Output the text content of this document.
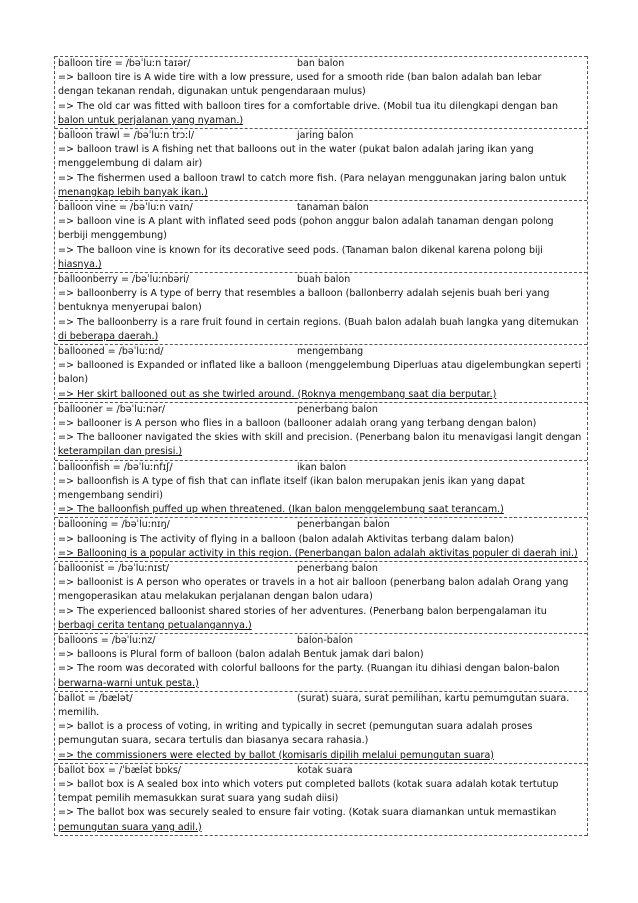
balloon tire = /bəˈluːn taɪər/	ban balon
=> balloon tire is A wide tire with a low pressure, used for a smooth ride (ban balon adalah ban lebar
dengan tekanan rendah, digunakan untuk pengendaraan mulus)
=> The old car was fitted with balloon tires for a comfortable drive. (Mobil tua itu dilengkapi dengan ban
balon untuk perjalanan yang nyaman.)
balloon trawl = /bəˈluːn trɔːl/	jaring balon
=> balloon trawl is A fishing net that balloons out in the water (pukat balon adalah jaring ikan yang
menggelembung di dalam air)
=> The fishermen used a balloon trawl to catch more fish. (Para nelayan menggunakan jaring balon untuk
menangkap lebih banyak ikan.)
balloon vine = /bəˈluːn vaɪn/	tanaman balon
=> balloon vine is A plant with inflated seed pods (pohon anggur balon adalah tanaman dengan polong
berbiji menggembung)
=> The balloon vine is known for its decorative seed pods. (Tanaman balon dikenal karena polong biji
hiasnya.)
balloonberry = /bəˈluːnbəri/	buah balon
=> balloonberry is A type of berry that resembles a balloon (ballonberry adalah sejenis buah beri yang
bentuknya menyerupai balon)
=> The balloonberry is a rare fruit found in certain regions. (Buah balon adalah buah langka yang ditemukan
di beberapa daerah.)
ballooned = /bəˈluːnd/	mengembang
=> ballooned is Expanded or inflated like a balloon (menggelembung Diperluas atau digelembungkan seperti
balon)
=> Her skirt ballooned out as she twirled around. (Roknya mengembang saat dia berputar.)
ballooner = /bəˈluːnər/	penerbang balon
=> ballooner is A person who flies in a balloon (ballooner adalah orang yang terbang dengan balon)
=> The ballooner navigated the skies with skill and precision. (Penerbang balon itu menavigasi langit dengan
keterampilan dan presisi.)
balloonfish = /bəˈluːnfɪʃ/	ikan balon
=> balloonfish is A type of fish that can inflate itself (ikan balon merupakan jenis ikan yang dapat
mengembang sendiri)
=> The balloonfish puffed up when threatened. (Ikan balon menggelembung saat terancam.)
ballooning = /bəˈluːnɪŋ/	penerbangan balon
=> ballooning is The activity of flying in a balloon (balon adalah Aktivitas terbang dalam balon)
=> Ballooning is a popular activity in this region. (Penerbangan balon adalah aktivitas populer di daerah ini.)
balloonist = /bəˈluːnɪst/	penerbang balon
=> balloonist is A person who operates or travels in a hot air balloon (penerbang balon adalah Orang yang
mengoperasikan atau melakukan perjalanan dengan balon udara)
=> The experienced balloonist shared stories of her adventures. (Penerbang balon berpengalaman itu
berbagi cerita tentang petualangannya.)
balloons = /bəˈluːnz/	balon-balon
=> balloons is Plural form of balloon (balon adalah Bentuk jamak dari balon)
=> The room was decorated with colorful balloons for the party. (Ruangan itu dihiasi dengan balon-balon
berwarna-warni untuk pesta.)
ballot = /bælət/	(surat) suara, surat pemilihan, kartu pemumgutan suara.
memilih.
=> ballot is a process of voting, in writing and typically in secret (pemungutan suara adalah proses
pemungutan suara, secara tertulis dan biasanya secara rahasia.)
=> the commissioners were elected by ballot (komisaris dipilih melalui pemungutan suara)
ballot box = /ˈbælət bɒks/	kotak suara
=> ballot box is A sealed box into which voters put completed ballots (kotak suara adalah kotak tertutup
tempat pemilih memasukkan surat suara yang sudah diisi)
=> The ballot box was securely sealed to ensure fair voting. (Kotak suara diamankan untuk memastikan
pemungutan suara yang adil.)
